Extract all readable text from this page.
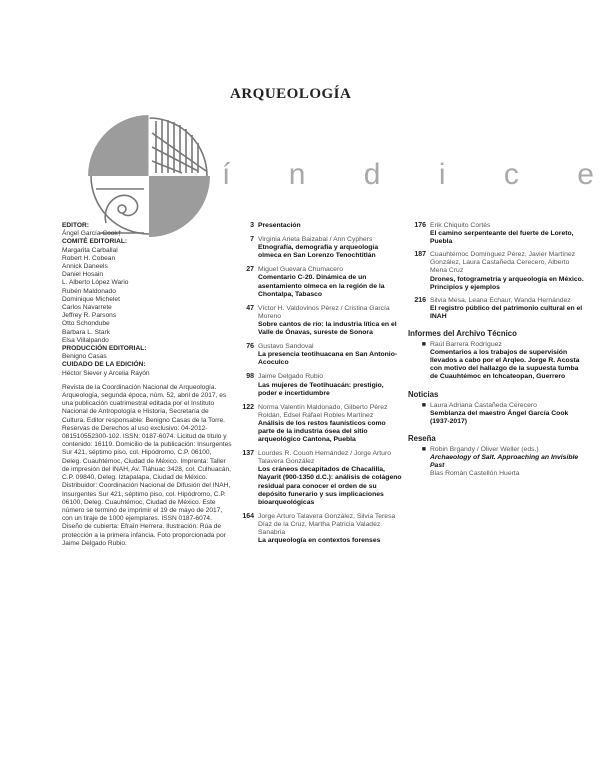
ARQUEOLOGÍA
í n d i c e
EDITOR:
Ángel García Cook†
COMITÉ EDITORIAL:
Margarita Carballal
Robert H. Cobean
Annick Daneels
Daniel Hosain
L. Alberto López Wario
Rubén Maldonado
Dominique Michelet
Carlos Navarrete
Jeffrey R. Parsons
Otto Schondube
Barbara L. Stark
Elsa Villalpando
PRODUCCIÓN EDITORIAL:
Benigno Casas
CUIDADO DE LA EDICIÓN:
Héctor Siever y Arcelia Rayón
Revista de la Coordinación Nacional de Arqueología. Arqueología, segunda época, núm. 52, abril de 2017, es una publicación cuatrimestral editada por el Instituto Nacional de Antropología e Historia, Secretaría de Cultura. Editor responsable: Benigno Casas de la Torre. Reservas de Derechos al uso exclusivo: 04-2012-081510552300-102. ISSN: 0187-6074. Licitud de título y contenido: 16119. Domicilio de la publicación: Insurgentes Sur 421, séptimo piso, col. Hipódromo, C.P. 06100, Deleg. Cuauhtémoc, Ciudad de México. Imprenta: Taller de impresión del INAH, Av. Tláhuac 3428, col. Culhuacán, C.P. 09840, Deleg. Iztapalapa, Ciudad de México. Distribuidor: Coordinación Nacional de Difusión del INAH, Insurgentes Sur 421, séptimo piso, col. Hipódromo, C.P. 06100, Deleg. Cuauhtémoc, Ciudad de México. Este número se terminó de imprimir el 19 de mayo de 2017, con un tiraje de 1000 ejemplares. ISSN 0187-6074. Diseño de cubierta: Efraín Herrera. Ilustración: Rúa de protección a la primera infancia. Foto proporcionada por Jaime Delgado Rubio.
3 Presentación
7 Virginia Arieta Baizabal / Ann Cyphers
Etnografía, demografía y arqueología olmeca en San Lorenzo Tenochtitlán
27 Miguel Guevara Chumacero
Comentario C-20. Dinámica de un asentamiento olmeca en la región de la Chontalpa, Tabasco
47 Víctor H. Valdovinos Pérez / Cristina García Moreno
Sobre cantos de río: la industria lítica en el Valle de Ónavas, sureste de Sonora
76 Gustavo Sandoval
La presencia teotihuacana en San Antonio-Acoculco
98 Jaime Delgado Rubio
Las mujeres de Teotihuacán: prestigio, poder e incertidumbre
122 Norma Valentín Maldonado, Gilberto Pérez Roldán, Edsel Rafael Robles Martínez
Análisis de los restos faunísticos como parte de la industria ósea del sitio arqueológico Cantona, Puebla
137 Lourdes R. Couoh Hernández / Jorge Arturo Talavera González
Los cráneos decapitados de Chacalilla, Nayarit (900-1350 d.C.): análisis de colágeno residual para conocer el orden de su depósito funerario y sus implicaciones bioarqueológicas
164 Jorge Arturo Talavera González, Silvia Teresa Díaz de la Cruz, Martha Patricia Valadez Sanabria
La arqueología en contextos forenses
176 Erik Chiquito Cortés
El camino serpenteante del fuerte de Loreto, Puebla
187 Cuauhtémoc Domínguez Pérez, Javier Martínez González, Laura Castañeda Cerecero, Alberto Mena Cruz
Drones, fotogrametría y arqueología en México. Principios y ejemplos
216 Silvia Mesa, Leana Echaur, Wanda Hernández
El registro público del patrimonio cultural en el INAH
Informes del Archivo Técnico
■ Raúl Barrera Rodríguez
Comentarios a los trabajos de supervisión llevados a cabo por el Arqleo. Jorge R. Acosta con motivo del hallazgo de la supuesta tumba de Cuauhtémoc en Ichcateopan, Guerrero
Noticias
■ Laura Adriana Castañeda Cerecero
Semblanza del maestro Ángel García Cook (1937-2017)
Reseña
■ Robin Brgandy / Oliver Weller (eds.)
Archaeology of Salt. Approaching an Invisible Past
Blas Román Castellón Huerta
